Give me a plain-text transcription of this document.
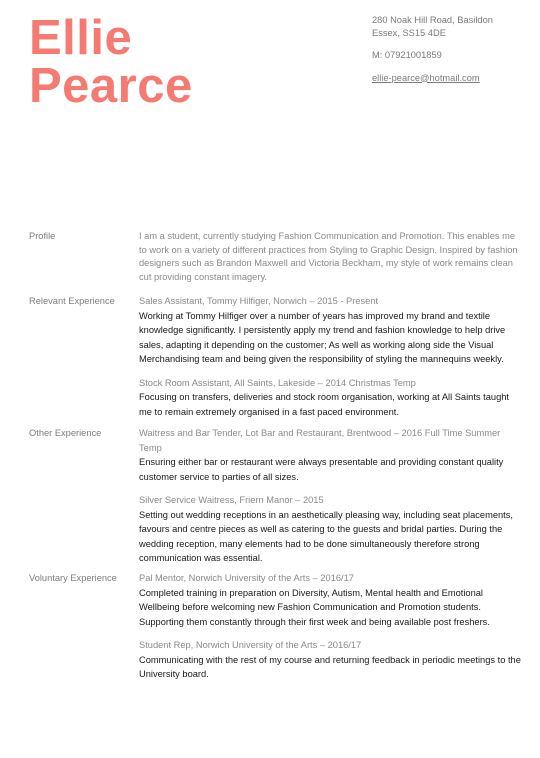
Ellie
Pearce
280 Noak Hill Road, Basildon
Essex, SS15 4DE
M: 07921001859
ellie-pearce@hotmail.com
Profile	I am a student, currently studying Fashion Communication and Promotion. This enables me to work on a variety of different practices from Styling to Graphic Design. Inspired by fashion designers such as Brandon Maxwell and Victoria Beckham, my style of work remains clean cut providing constant imagery.

Relevant Experience	Sales Assistant, Tommy Hilfiger, Norwich – 2015 - Present

Working at Tommy Hilfiger over a number of years has improved my brand and textile knowledge significantly. I persistently apply my trend and fashion knowledge to help drive sales, adapting it depending on the customer; As well as working along side the Visual Merchandising team and being given the responsibility of styling the mannequins weekly.

Stock Room Assistant, All Saints, Lakeside – 2014 Christmas Temp

Focusing on transfers, deliveries and stock room organisation, working at All Saints taught me to remain extremely organised in a fast paced environment.

Other Experience	Waitress and Bar Tender, Lot Bar and Restaurant, Brentwood – 2016 Full Time Summer Temp

Ensuring either bar or restaurant were always presentable and providing constant quality customer service to parties of all sizes.

Silver Service Waitress, Friern Manor – 2015

Setting out wedding receptions in an aesthetically pleasing way, including seat placements, favours and centre pieces as well as catering to the guests and bridal parties. During the wedding reception, many elements had to be done simultaneously therefore strong communication was essential.

Voluntary Experience	Pal Mentor, Norwich University of the Arts – 2016/17

Completed training in preparation on Diversity, Autism, Mental health and Emotional Wellbeing before welcoming new Fashion Communication and Promotion students. Supporting them constantly through their first week and being available post freshers.

Student Rep, Norwich University of the Arts – 2016/17

Communicating with the rest of my course and returning feedback in periodic meetings to the University board.
